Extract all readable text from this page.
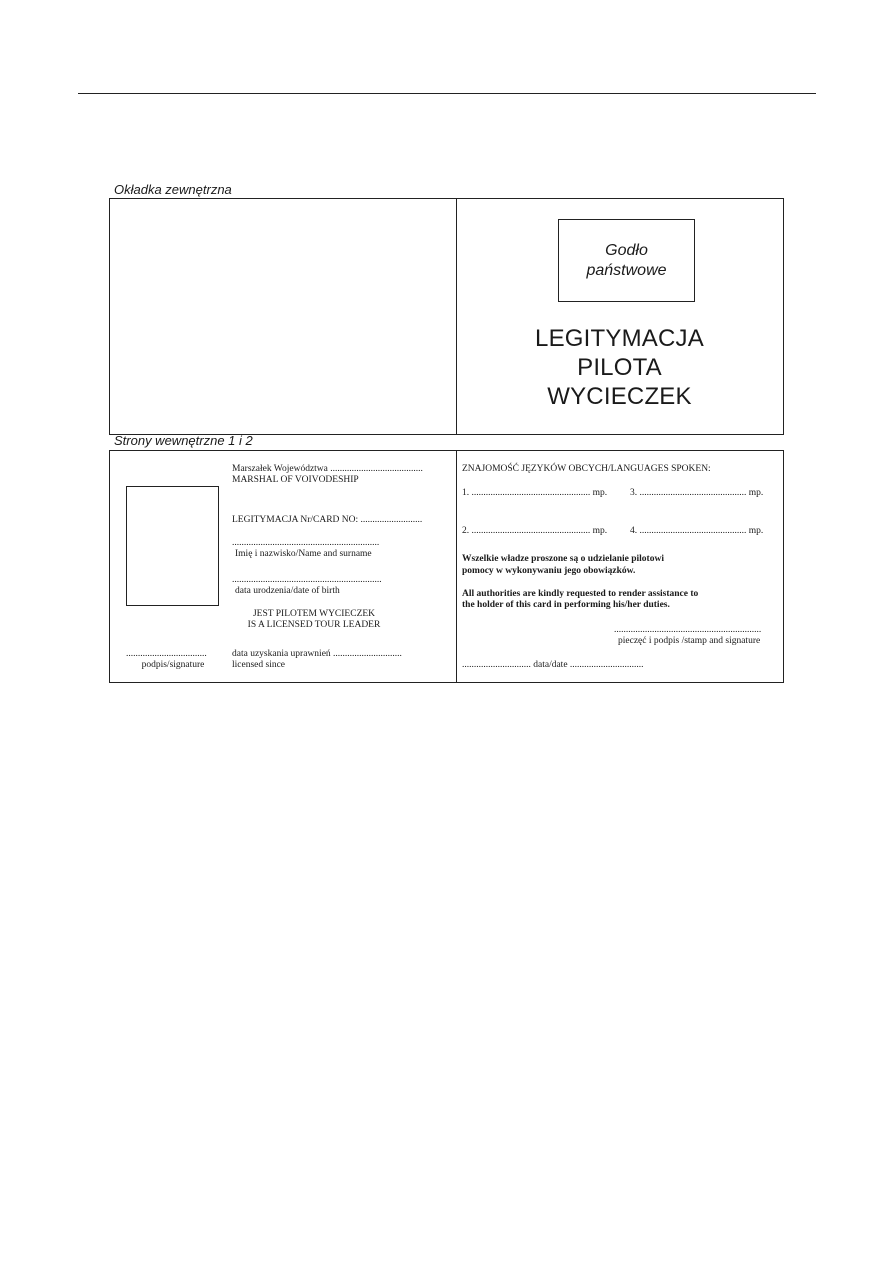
Okładka zewnętrzna
Godło
państwowe
LEGITYMACJA
PILOTA
WYCIECZEK
Strony wewnętrzne 1 i 2
Marszałek Województwa .......................................
MARSHAL OF VOIVODESHIP
LEGITYMACJA Nr/CARD NO: ..........................
..............................................................
Imię i nazwisko/Name and surname
...............................................................
data urodzenia/date of birth
JEST PILOTEM WYCIECZEK
IS A LICENSED TOUR LEADER
..................................
podpis/signature
data uzyskania uprawnień .............................
licensed since
ZNAJOMOŚĆ JĘZYKÓW OBCYCH/LANGUAGES SPOKEN:
1. .................................................. mp. 3. ............................................. mp.
2. .................................................. mp. 4. ............................................. mp.
Wszelkie władze proszone są o udzielanie pilotowi
pomocy w wykonywaniu jego obowiązków.
All authorities are kindly requested to render assistance to
the holder of this card in performing his/her duties.
..............................................................
pieczęć i podpis /stamp and signature
............................. data/date ...............................
